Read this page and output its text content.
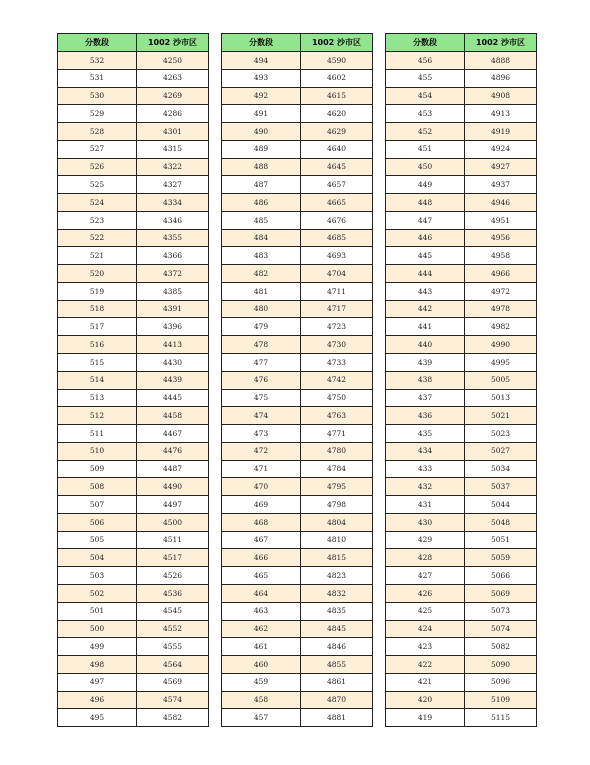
分数段	1002 沙市区
532	4250
531	4263
530	4269
529	4286
528	4301
527	4315
526	4322
525	4327
524	4334
523	4346
522	4355
521	4366
520	4372
519	4385
518	4391
517	4396
516	4413
515	4430
514	4439
513	4445
512	4458
511	4467
510	4476
509	4487
508	4490
507	4497
506	4500
505	4511
504	4517
503	4526
502	4536
501	4545
500	4552
499	4555
498	4564
497	4569
496	4574
495	4582
分数段	1002 沙市区
494	4590
493	4602
492	4615
491	4620
490	4629
489	4640
488	4645
487	4657
486	4665
485	4676
484	4685
483	4693
482	4704
481	4711
480	4717
479	4723
478	4730
477	4733
476	4742
475	4750
474	4763
473	4771
472	4780
471	4784
470	4795
469	4798
468	4804
467	4810
466	4815
465	4823
464	4832
463	4835
462	4845
461	4846
460	4855
459	4861
458	4870
457	4881
分数段	1002 沙市区
456	4888
455	4896
454	4908
453	4913
452	4919
451	4924
450	4927
449	4937
448	4946
447	4951
446	4956
445	4958
444	4966
443	4972
442	4978
441	4982
440	4990
439	4995
438	5005
437	5013
436	5021
435	5023
434	5027
433	5034
432	5037
431	5044
430	5048
429	5051
428	5059
427	5066
426	5069
425	5073
424	5074
423	5082
422	5090
421	5096
420	5109
419	5115
